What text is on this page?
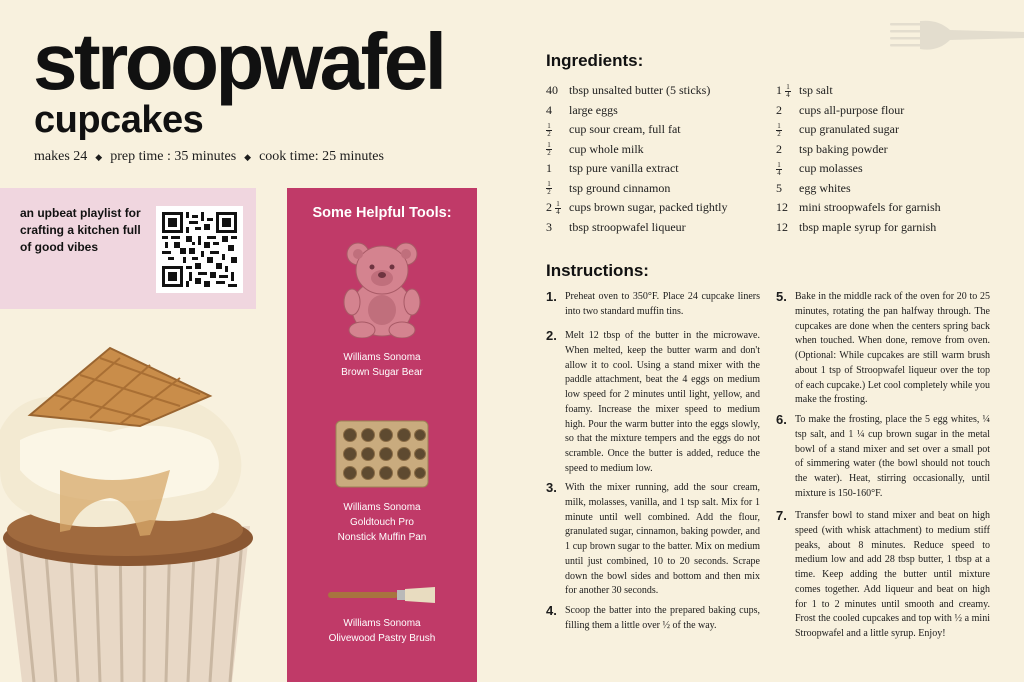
stroopwafel
cupcakes
makes 24 ◆ prep time : 35 minutes ◆ cook time: 25 minutes
an upbeat playlist for crafting a kitchen full of good vibes
Some Helpful Tools:
Williams Sonoma
Brown Sugar Bear
Williams Sonoma
Goldtouch Pro
Nonstick Muffin Pan
Williams Sonoma
Olivewood Pastry Brush
Ingredients:
40 tbsp unsalted butter (5 sticks)
4	large eggs
$\frac{1}{2}$ cup sour cream, full fat
$\frac{1}{2}$ cup whole milk
1	tsp pure vanilla extract
$\frac{1}{2}$ tsp ground cinnamon
$2 \frac{1}{4}$ cups brown sugar, packed tightly
3	tbsp stroopwafel liqueur
$1 \frac{1}{4}$ tsp salt
2	cups all-purpose flour
$\frac{1}{2}$ cup granulated sugar
2	tsp baking powder
$\frac{1}{4}$ cup molasses
5	egg whites
12 mini stroopwafels for garnish
12 tbsp maple syrup for garnish
Instructions:
1. Preheat oven to 350°F. Place 24 cupcake liners into two standard muffin tins.
2. Melt 12 tbsp of the butter in the microwave. When melted, keep the butter warm and don't allow it to cool. Using a stand mixer with the paddle attachment, beat the 4 eggs on medium low speed for 2 minutes until light, yellow, and foamy. Increase the mixer speed to medium high. Pour the warm butter into the eggs slowly, so that the mixture tempers and the eggs do not scramble. Once the butter is added, reduce the speed to medium low.
3. With the mixer running, add the sour cream, milk, molasses, vanilla, and 1 tsp salt. Mix for 1 minute until well combined. Add the flour, granulated sugar, cinnamon, baking powder, and 1 cup brown sugar to the batter. Mix on medium until just combined, 10 to 20 seconds. Scrape down the bowl sides and bottom and then mix for another 30 seconds.
4. Scoop the batter into the prepared baking cups, filling them a little over ½ of the way.
5. Bake in the middle rack of the oven for 20 to 25 minutes, rotating the pan halfway through. The cupcakes are done when the centers spring back when touched. When done, remove from oven. (Optional: While cupcakes are still warm brush about 1 tsp of Stroopwafel liqueur over the top of each cupcake.) Let cool completely while you make the frosting.
6. To make the frosting, place the 5 egg whites, ¼ tsp salt, and 1 ¼ cup brown sugar in the metal bowl of a stand mixer and set over a small pot of simmering water (the bowl should not touch the water). Heat, stirring occasionally, until mixture is 150-160°F.
7. Transfer bowl to stand mixer and beat on high speed (with whisk attachment) to medium stiff peaks, about 8 minutes. Reduce speed to medium low and add 28 tbsp butter, 1 tbsp at a time. Keep adding the butter until mixture comes together. Add liqueur and beat on high for 1 to 2 minutes until smooth and creamy. Frost the cooled cupcakes and top with ½ a mini Stroopwafel and a little syrup. Enjoy!
